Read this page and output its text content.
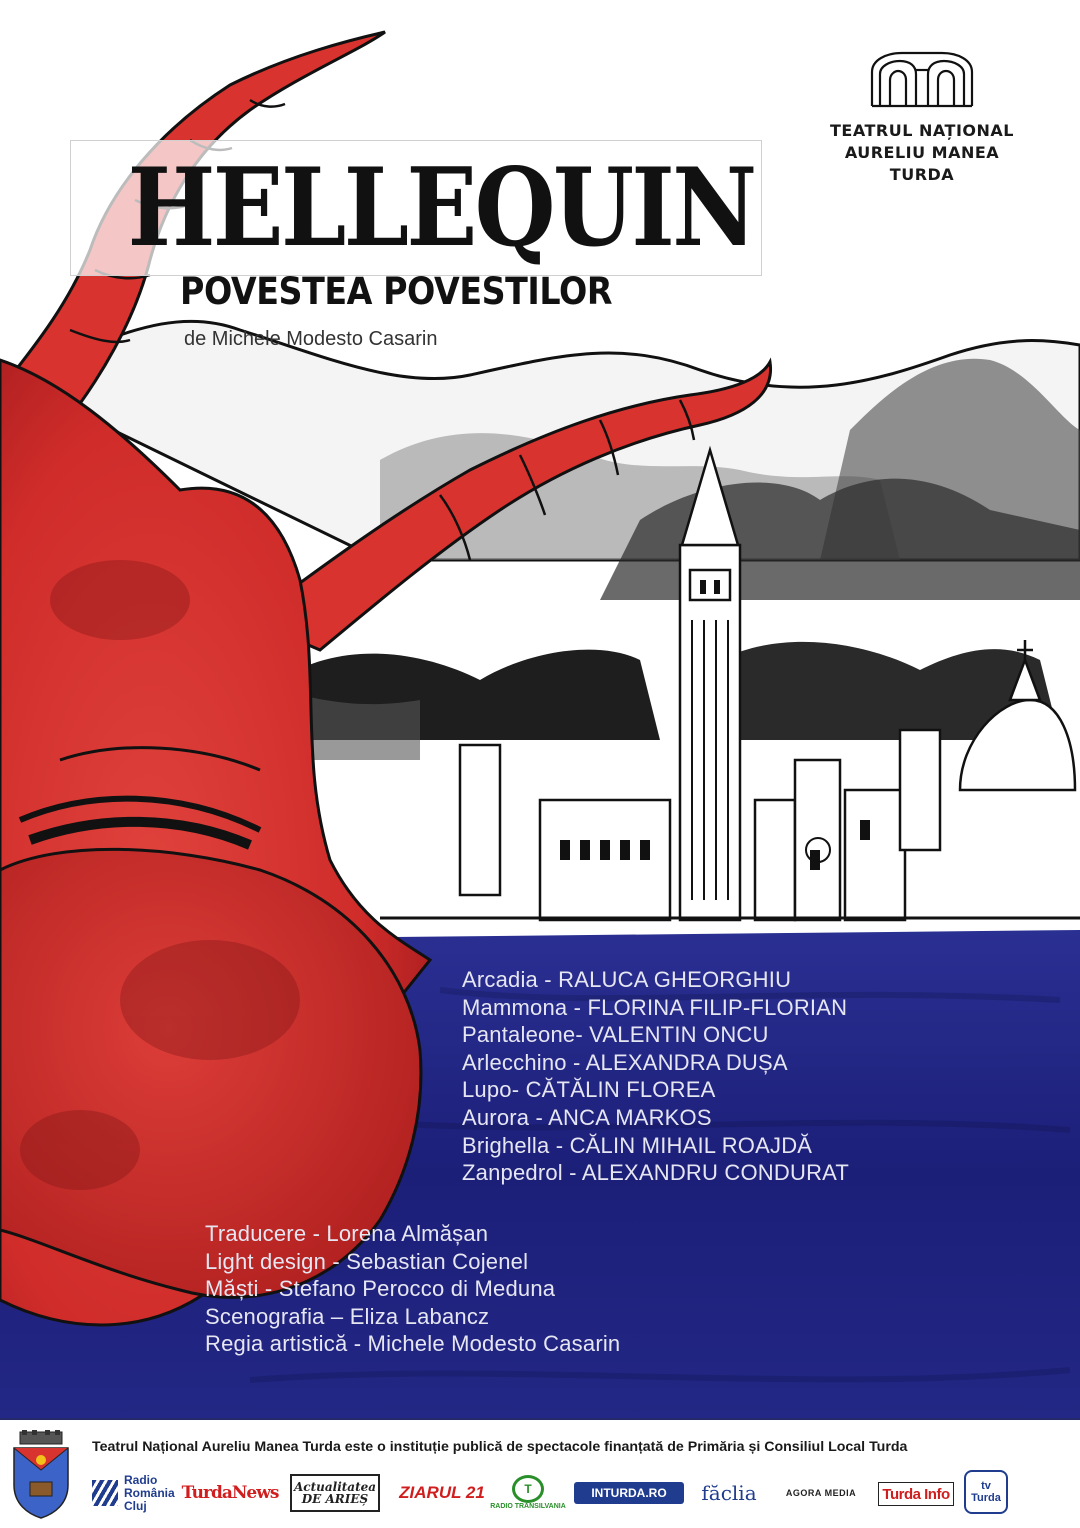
TEATRUL NAȚIONAL
AURELIU MANEA
TURDA
HELLEQUIN
POVESTEA POVESTILOR
de Michele Modesto Casarin
Arcadia - RALUCA GHEORGHIU
Mammona - FLORINA FILIP-FLORIAN
Pantaleone- VALENTIN ONCU
Arlecchino - ALEXANDRA DUȘA
Lupo- CĂTĂLIN FLOREA
Aurora - ANCA MARKOS
Brighella - CĂLIN MIHAIL ROAJDĂ
Zanpedrol - ALEXANDRU CONDURAT
Traducere - Lorena Almășan
Light design - Sebastian Cojenel
Măști - Stefano Perocco di Meduna
Scenografia – Eliza Labancz
Regia artistică - Michele Modesto Casarin
Teatrul Național Aureliu Manea Turda este o instituție publică de spectacole finanțată de Primăria și Consiliul Local Turda
Radio România Cluj
TurdaNews Actualitatea DE ARIEȘ	ZIARUL 21	T
RADIO TRANSILVANIA
INTURDA.RO făclia	AGORA MEDIA Turda Info	tv Turda
